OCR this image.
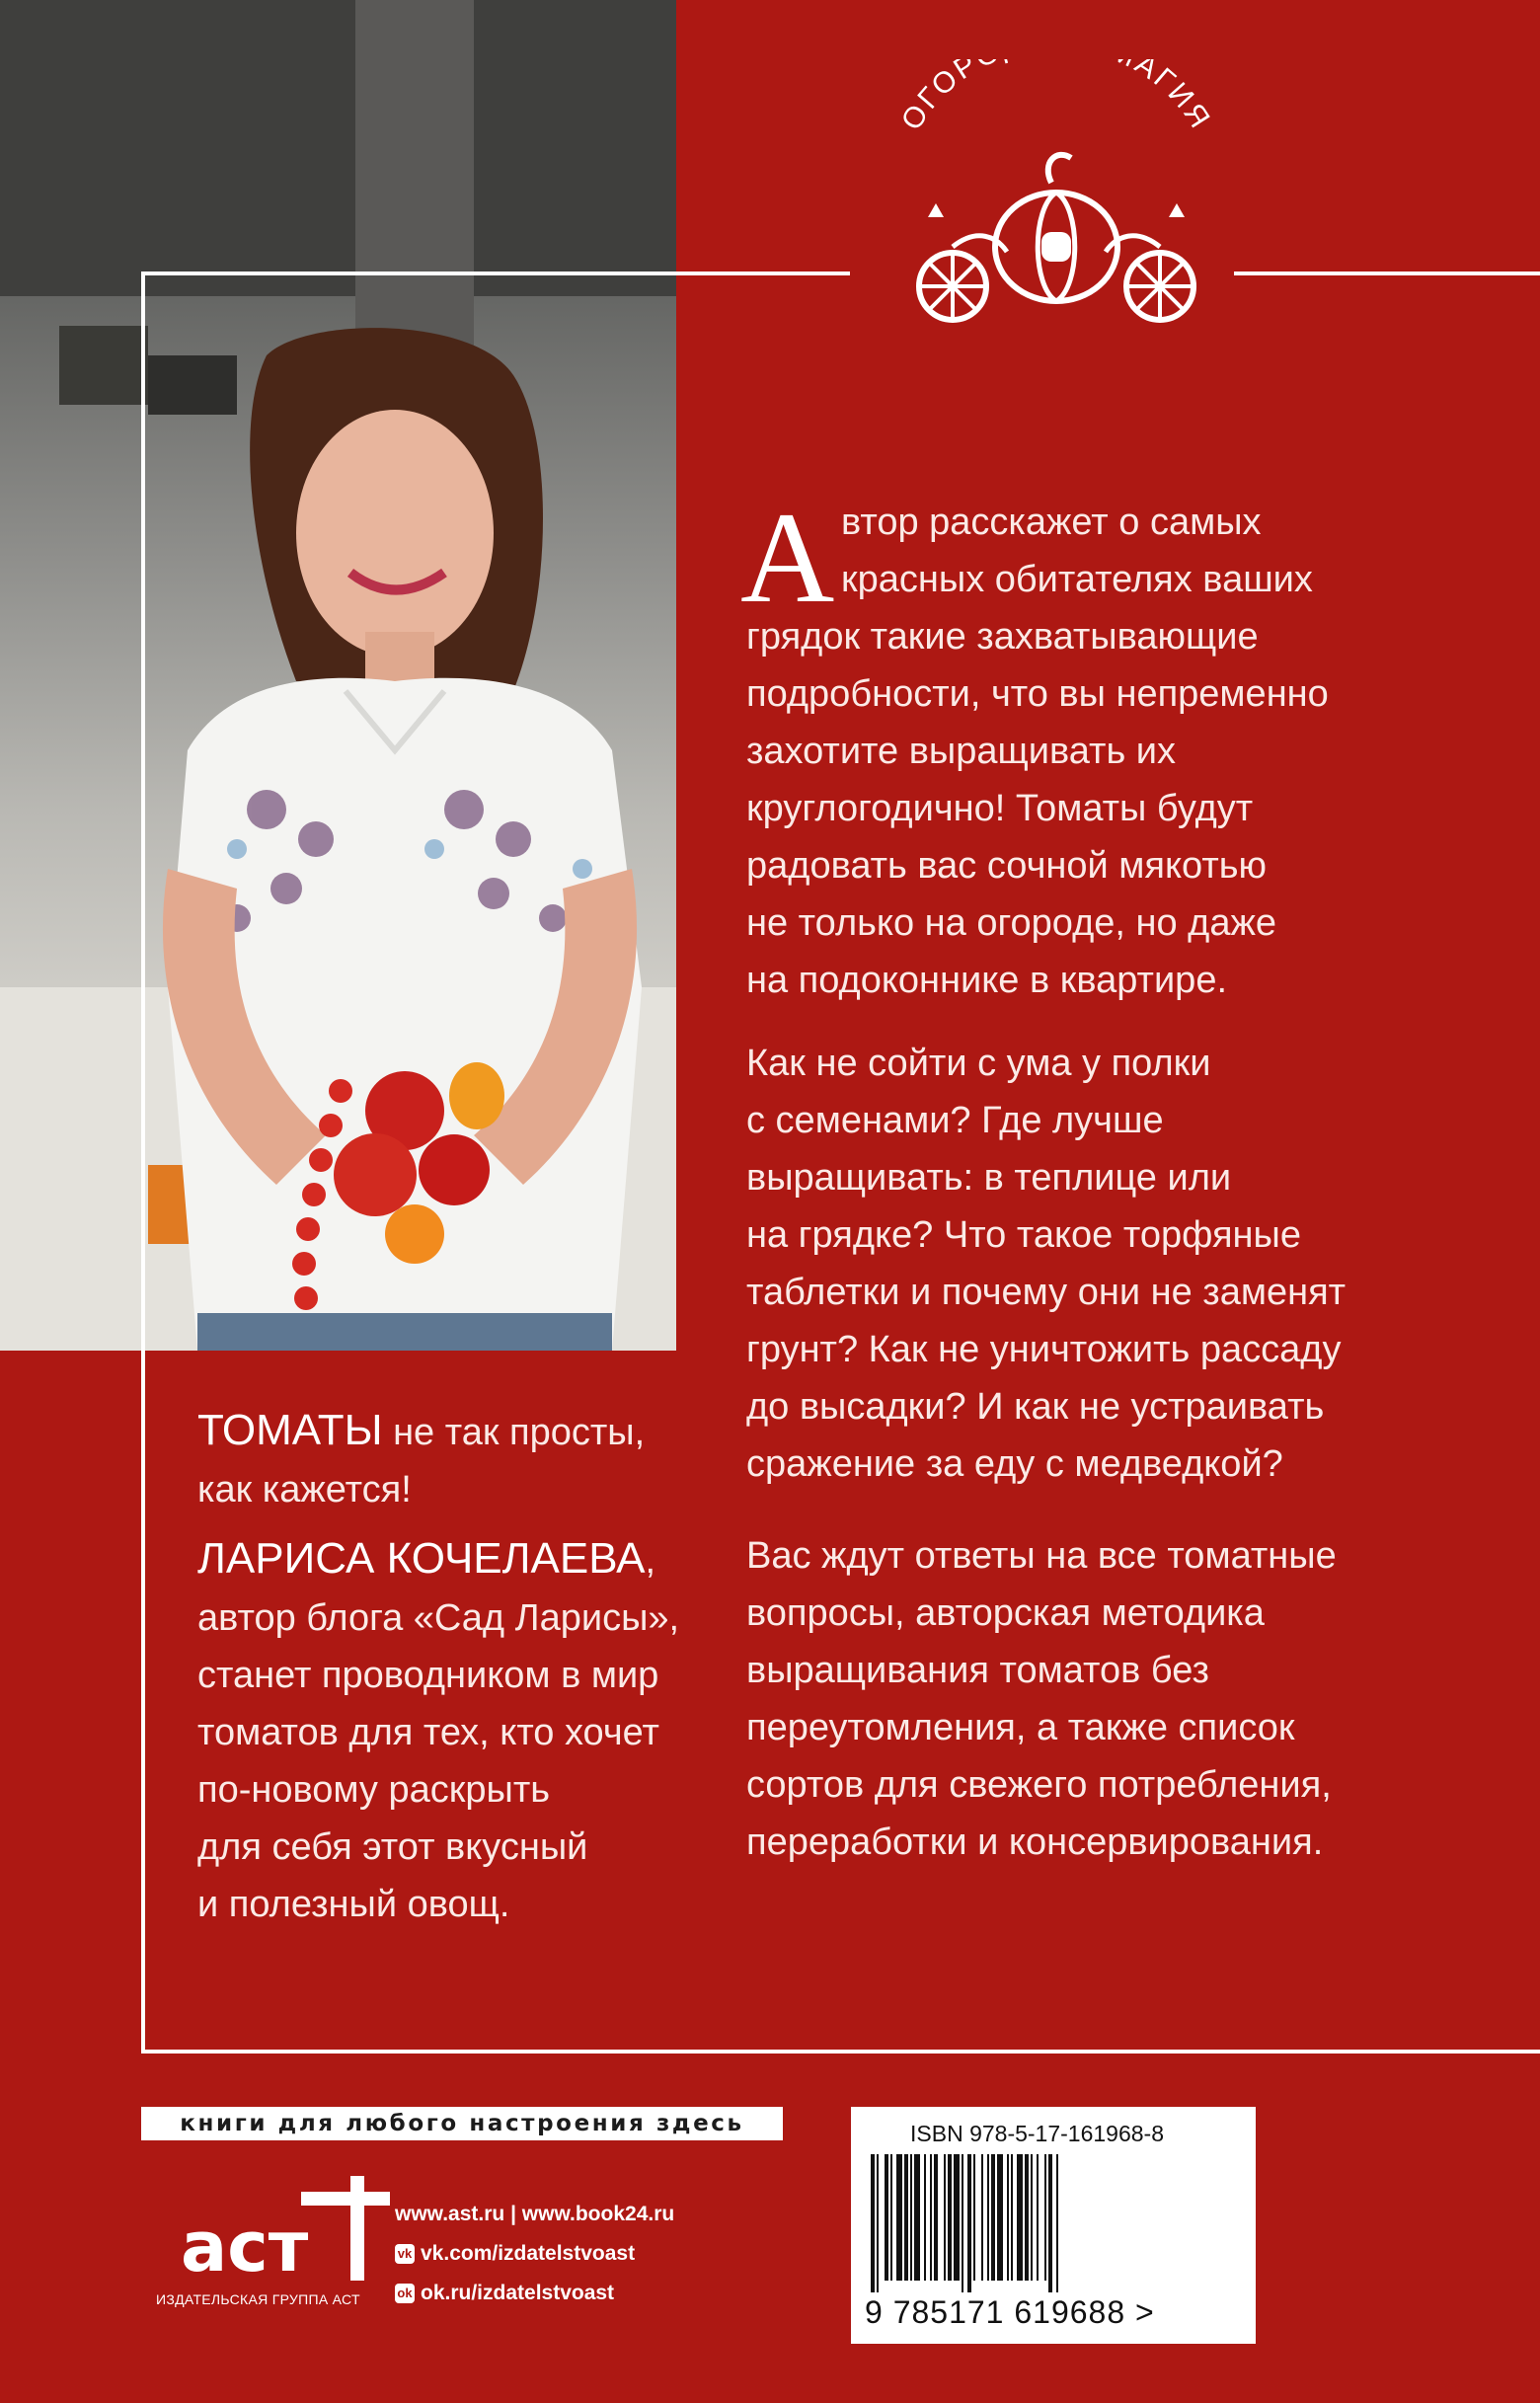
ОГОР АГИЯ
А втор расскажет о самых
красных обитателях ваших
грядок такие захватывающие
подробности, что вы непременно
захотите выращивать их
круглогодично! Томаты будут
радовать вас сочной мякотью
не только на огороде, но даже
на подоконнике в квартире.
Как не сойти с ума у полки
с семенами? Где лучше
выращивать: в теплице или
на грядке? Что такое торфяные
таблетки и почему они не заменят
грунт? Как не уничтожить рассаду
до высадки? И как не устраивать
сражение за еду с медведкой?
Вас ждут ответы на все томатные
вопросы, авторская методика
выращивания томатов без
переутомления, а также список
сортов для свежего потребления,
переработки и консервирования.
ТОМАТЫ не так просты,
как кажется!
ЛАРИСА КОЧЕЛАЕВА,
автор блога «Сад Ларисы»,
станет проводником в мир
томатов для тех, кто хочет
по-новому раскрыть
для себя этот вкусный
и полезный овощ.
книги для любого настроения здесь
аст
ИЗДАТЕЛЬСКАЯ ГРУППА АСТ
www.ast.ru | www.book24.ru
vk vk.com/izdatelstvoast
ok ok.ru/izdatelstvoast
ISBN 978-5-17-161968-8
9 785171 619688 >
